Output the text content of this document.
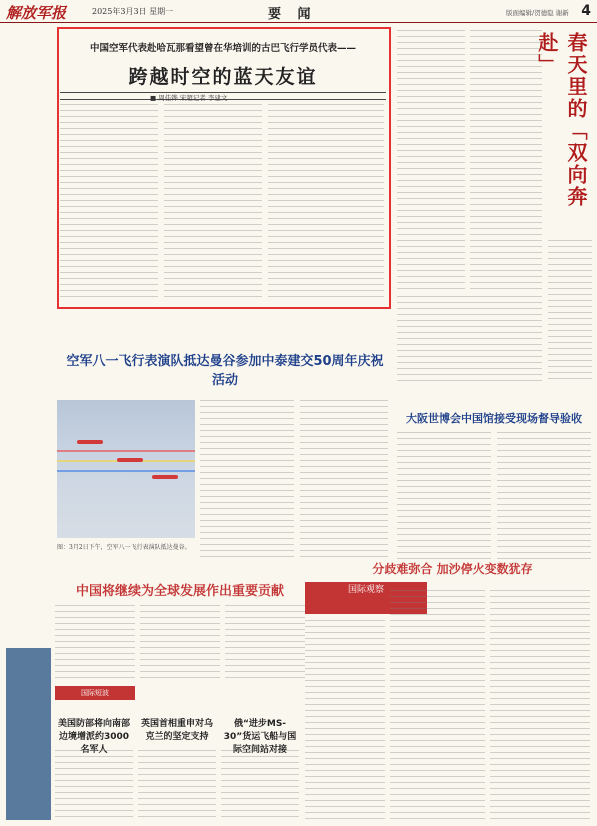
解放军报	2025年3月3日 星期一	要 闻	版面编辑/贺德隐 谢新 4
中国空军代表赴哈瓦那看望曾在华培训的古巴飞行学员代表——
跨越时空的蓝天友谊
■ 周佳铧 宋超记者 李建文	春天里的「双向奔赴」
空军八一飞行表演队抵达曼谷参加中泰建交50周年庆祝活动
图：3月2日下午，空军八一飞行表演队抵达曼谷。
大阪世博会中国馆接受现场督导验收
中国将继续为全球发展作出重要贡献
分歧难弥合 加沙停火变数犹存
国际观察
国际短波
美国防部将向南部边境增派约3000名军人
英国首相重申对乌克兰的坚定支持
俄“进步MS-30”货运飞船与国际空间站对接
